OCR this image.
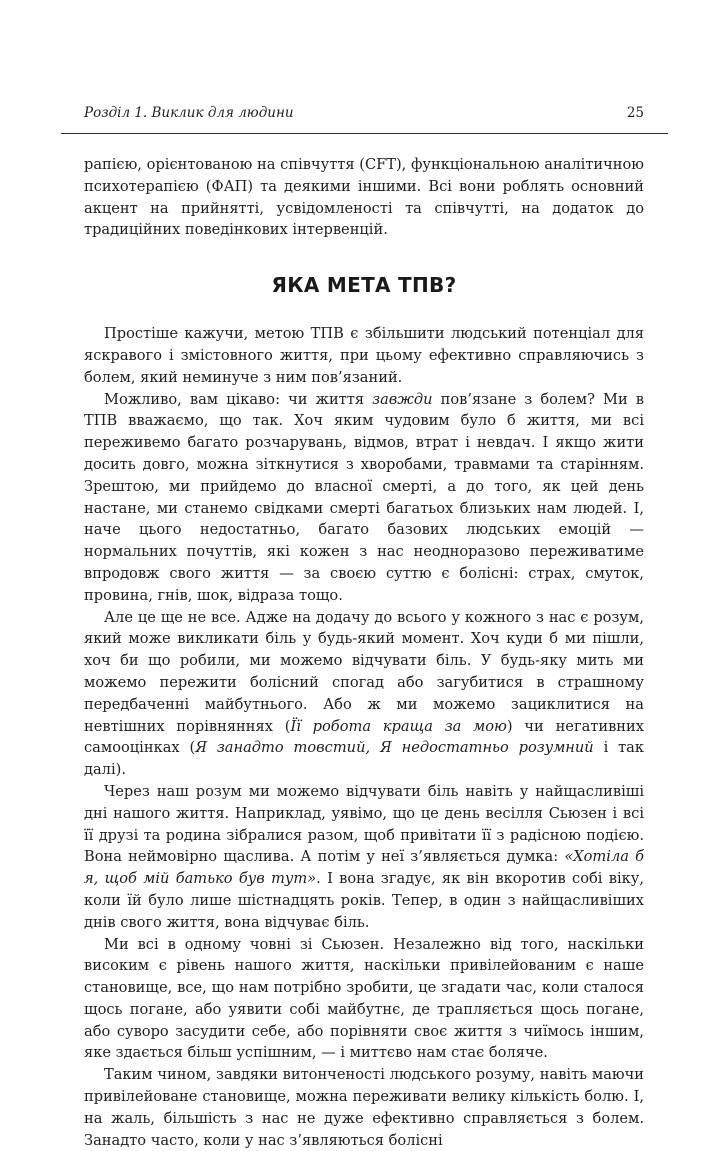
Розділ 1. Виклик для людини	25

рапією, орієнтованою на співчуття (CFT), функціональною аналітичною психотерапією (ФАП) та деякими іншими. Всі вони роблять основний акцент на прийнятті, усвідомленості та співчутті, на додаток до традиційних поведінкових інтервенцій.

ЯКА МЕТА ТПВ?

Простіше кажучи, метою ТПВ є збільшити людський потенціал для яскравого і змістовного життя, при цьому ефективно справляючись з болем, який неминуче з ним пов’язаний.

Можливо, вам цікаво: чи життя завжди пов’язане з болем? Ми в ТПВ вважаємо, що так. Хоч яким чудовим було б життя, ми всі переживемо багато розчарувань, відмов, втрат і невдач. І якщо жити досить довго, можна зіткнутися з хворобами, травмами та старінням. Зрештою, ми прийдемо до власної смерті, а до того, як цей день настане, ми станемо свідками смерті багатьох близьких нам людей. І, наче цього недостатньо, багато базових людських емоцій — нормальних почуттів, які кожен з нас неодноразово переживатиме впродовж свого життя — за своєю суттю є болісні: страх, смуток, провина, гнів, шок, відраза тощо.

Але це ще не все. Адже на додачу до всього у кожного з нас є розум, який може викликати біль у будь-який момент. Хоч куди б ми пішли, хоч би що робили, ми можемо відчувати біль. У будь-яку мить ми можемо пережити болісний спогад або загубитися в страшному передбаченні майбутнього. Або ж ми можемо зациклитися на невтішних порівняннях (Її робота краща за мою) чи негативних самооцінках (Я занадто товстий, Я недостатньо розумний і так далі).

Через наш розум ми можемо відчувати біль навіть у найщасливіші дні нашого життя. Наприклад, уявімо, що це день весілля Сьюзен і всі її друзі та родина зібралися разом, щоб привітати її з радісною подією. Вона неймовірно щаслива. А потім у неї з’являється думка: «Хотіла б я, щоб мій батько був тут». І вона згадує, як він вкоротив собі віку, коли їй було лише шістнадцять років. Тепер, в один з найщасливіших днів свого життя, вона відчуває біль.

Ми всі в одному човні зі Сьюзен. Незалежно від того, наскільки високим є рівень нашого життя, наскільки привілейованим є наше становище, все, що нам потрібно зробити, це згадати час, коли сталося щось погане, або уявити собі майбутнє, де трапляється щось погане, або суворо засудити себе, або порівняти своє життя з чиїмось іншим, яке здається більш успішним, — і миттєво нам стає боляче.

Таким чином, завдяки витонченості людського розуму, навіть маючи привілейоване становище, можна переживати велику кількість болю. І, на жаль, більшість з нас не дуже ефективно справляється з болем. Занадто часто, коли у нас з’являються болісні
